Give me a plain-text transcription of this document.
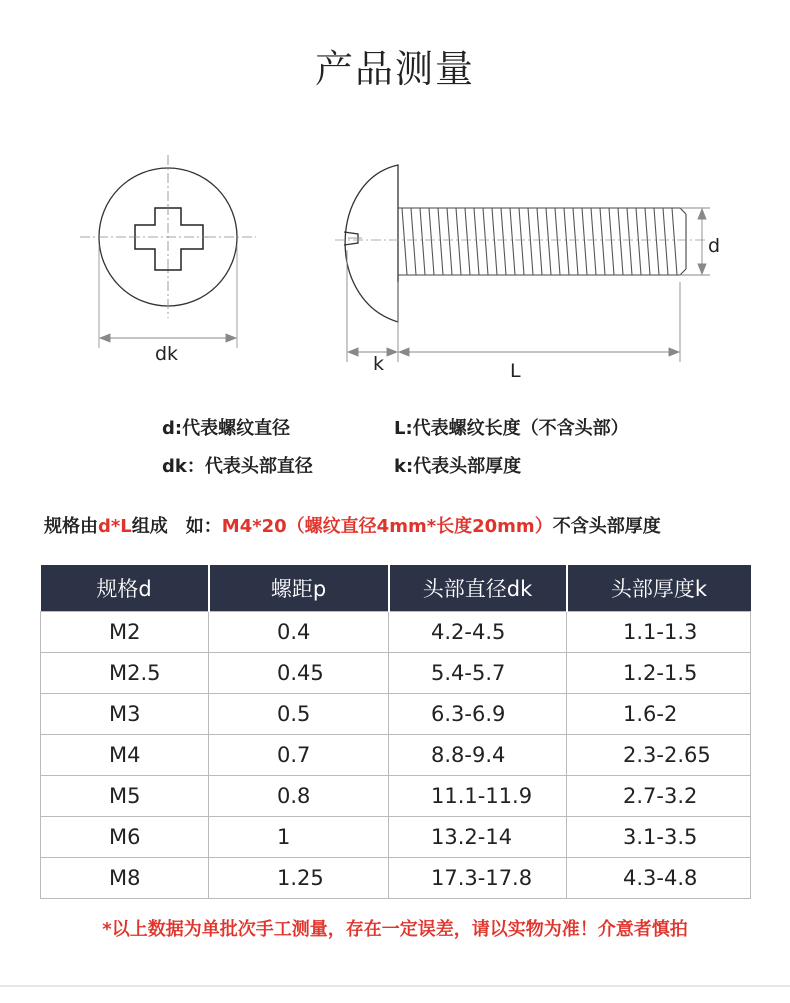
产品测量
dk	k	L
d
d:代表螺纹直径	L:代表螺纹长度（不含头部）
dk：代表头部直径	k:代表头部厚度
规格由d*L组成　如：M4*20（螺纹直径4mm*长度20mm）不含头部厚度
规格d	螺距p	头部直径dk	头部厚度k
M2	0.4	4.2-4.5	1.1-1.3
M2.5	0.45	5.4-5.7	1.2-1.5
M3	0.5	6.3-6.9	1.6-2
M4	0.7	8.8-9.4	2.3-2.65
M5	0.8	11.1-11.9	2.7-3.2
M6	1	13.2-14	3.1-3.5
M8	1.25	17.3-17.8	4.3-4.8
*以上数据为单批次手工测量，存在一定误差，请以实物为准！介意者慎拍
